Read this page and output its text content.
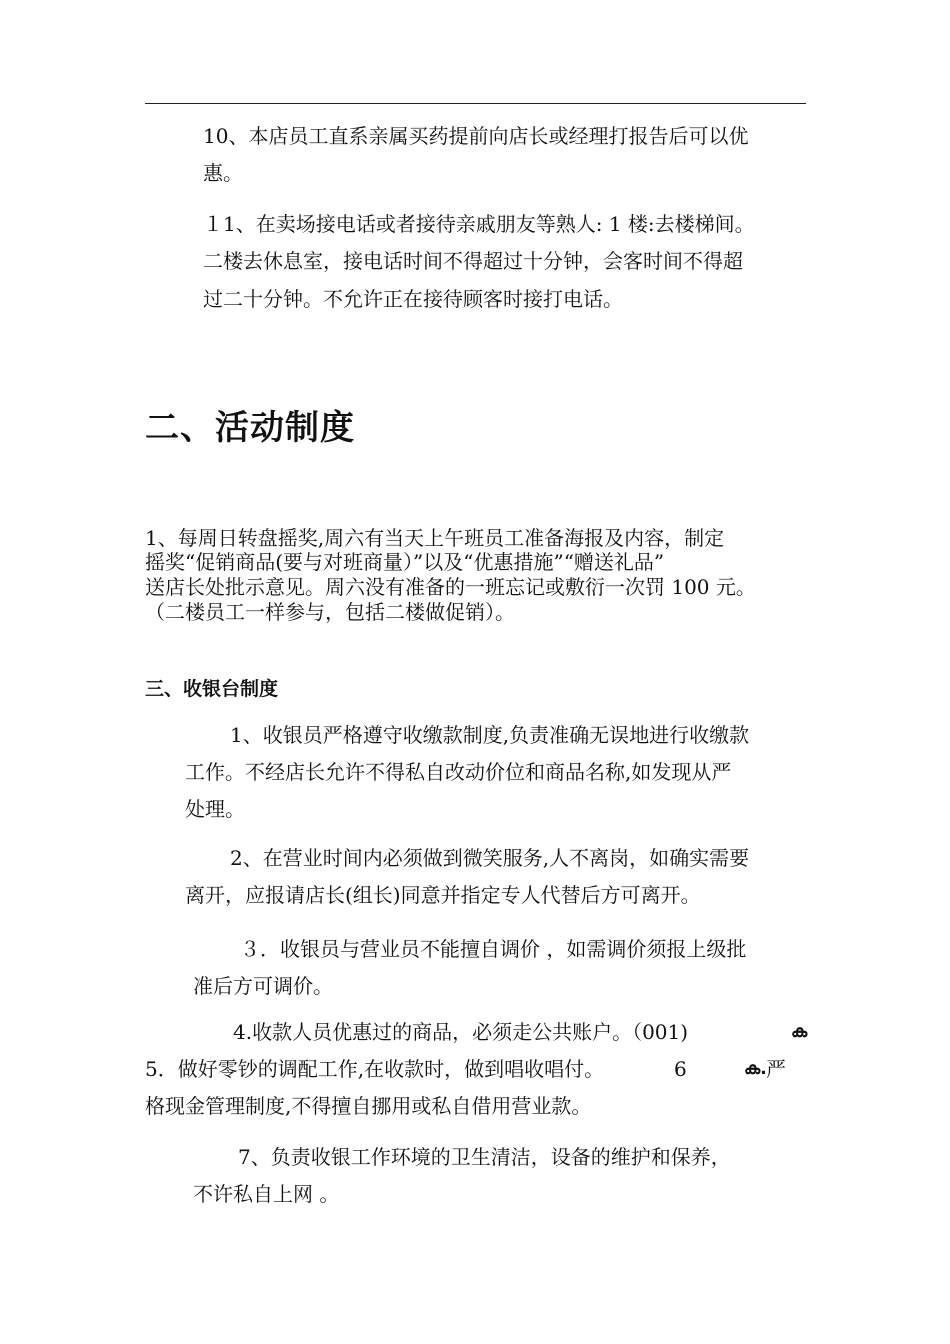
10、本店员工直系亲属买药提前向店长或经理打报告后可以优

惠。

１1、在卖场接电话或者接待亲戚朋友等熟人: 1 楼:去楼梯间。

二楼去休息室，接电话时间不得超过十分钟，会客时间不得超

过二十分钟。不允许正在接待顾客时接打电话。

二、活动制度

1、每周日转盘摇奖,周六有当天上午班员工准备海报及内容，制定

摇奖“促销商品(要与对班商量）”以及“优惠措施”“赠送礼品”

送店长处批示意见。周六没有准备的一班忘记或敷衍一次罚 100 元。

（二楼员工一样参与，包括二楼做促销）。

三、收银台制度

1、收银员严格遵守收缴款制度,负责准确无误地进行收缴款

工作。不经店长允许不得私自改动价位和商品名称,如发现从严

处理。

2、在营业时间内必须做到微笑服务,人不离岗，如确实需要

离开，应报请店长(组长)同意并指定专人代替后方可离开。

３．收银员与营业员不能擅自调价 ，如需调价须报上级批

准后方可调价。

4.收款人员优惠过的商品，必须走公共账户。（001)	ക

5．做好零钞的调配工作,在收款时，做到唱收唱付。	6	ക. 严

格现金管理制度,不得擅自挪用或私自借用营业款。

7、负责收银工作环境的卫生清洁，设备的维护和保养，

不许私自上网 。
